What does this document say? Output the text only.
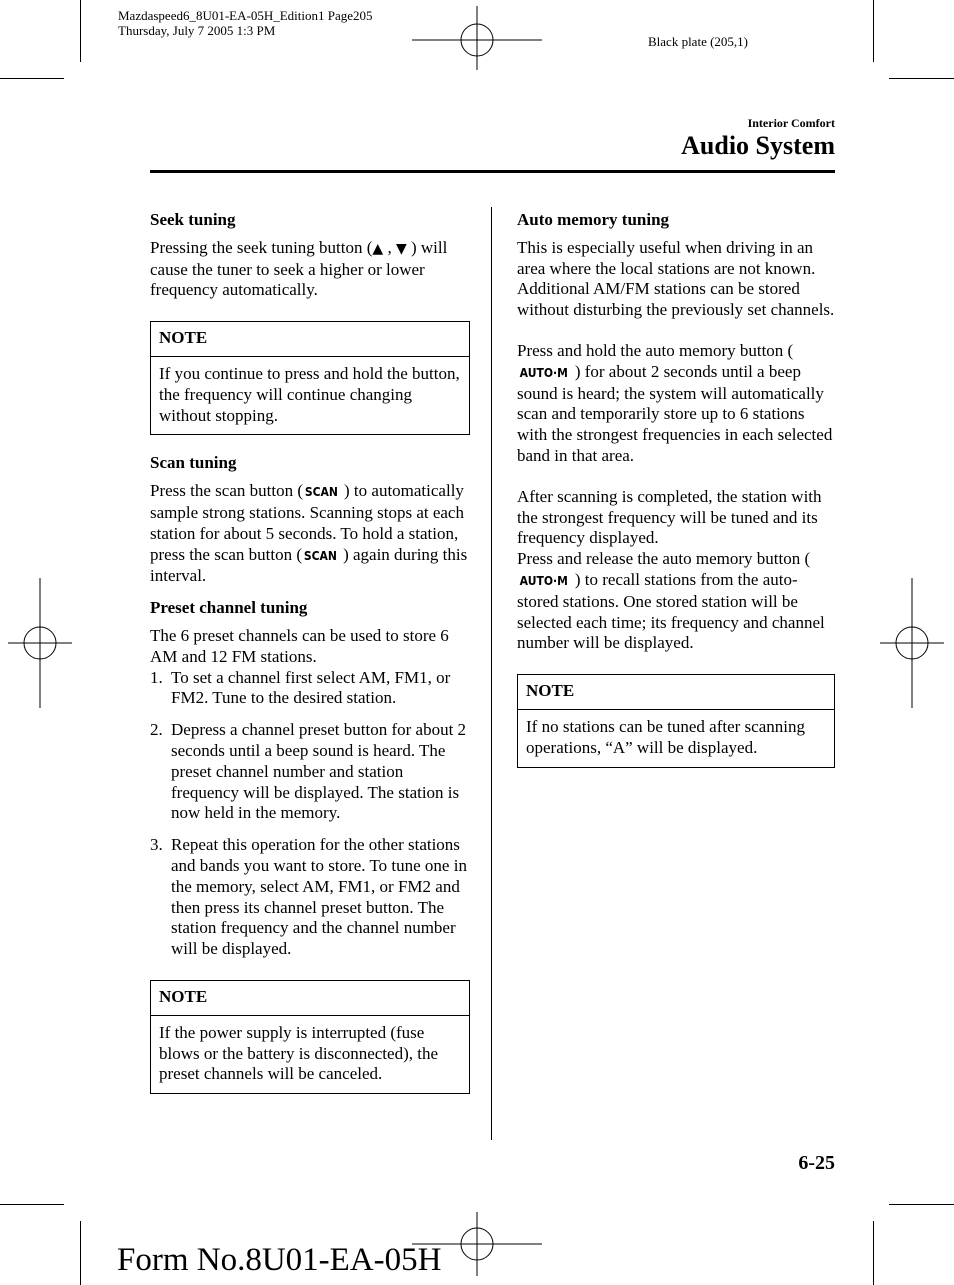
Mazdaspeed6_8U01-EA-05H_Edition1 Page205
Thursday, July 7 2005 1:3 PM
Black plate (205,1)
Interior Comfort
Audio System
Seek tuning

Pressing the seek tuning button (▲ , ▼ ) will cause the tuner to seek a higher or lower frequency automatically.

NOTE
If you continue to press and hold the button, the frequency will continue changing without stopping.
Scan tuning

Press the scan button ( SCAN ) to automatically sample strong stations. Scanning stops at each station for about 5 seconds. To hold a station, press the scan button ( SCAN ) again during this interval.

Preset channel tuning

The 6 preset channels can be used to store 6 AM and 12 FM stations.

1. To set a channel first select AM, FM1, or FM2. Tune to the desired station.
2. Depress a channel preset button for about 2 seconds until a beep sound is heard. The preset channel number and station frequency will be displayed. The station is now held in the memory.
3. Repeat this operation for the other stations and bands you want to store. To tune one in the memory, select AM, FM1, or FM2 and then press its channel preset button. The station frequency and the channel number will be displayed.
NOTE
If the power supply is interrupted (fuse blows or the battery is disconnected), the preset channels will be canceled.
Auto memory tuning

This is especially useful when driving in an area where the local stations are not known. Additional AM/FM stations can be stored without disturbing the previously set channels.

Press and hold the auto memory button (AUTO·M ) for about 2 seconds until a beep sound is heard; the system will automatically scan and temporarily store up to 6 stations with the strongest frequencies in each selected band in that area.

After scanning is completed, the station with the strongest frequency will be tuned and its frequency displayed.

Press and release the auto memory button (AUTO·M ) to recall stations from the auto-stored stations. One stored station will be selected each time; its frequency and channel number will be displayed.

NOTE
If no stations can be tuned after scanning operations, “A” will be displayed.
6-25
Form No.8U01-EA-05H
